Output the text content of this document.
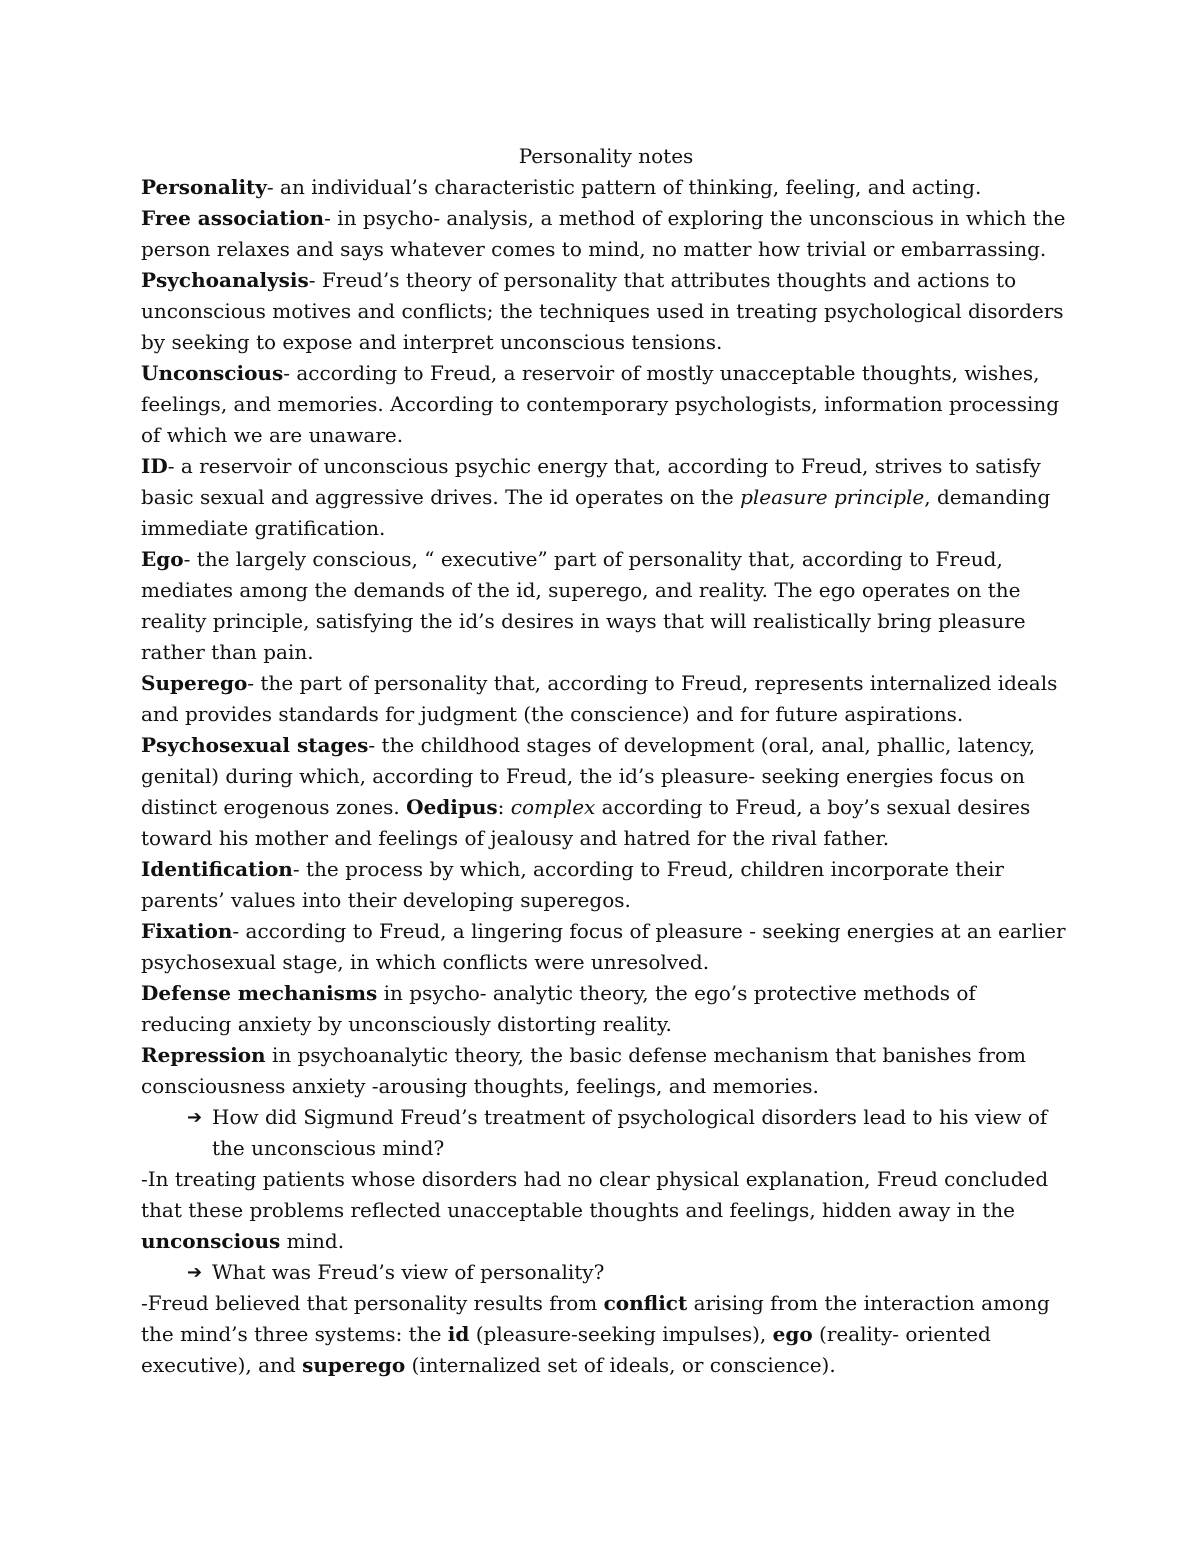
Personality notes

Personality- an individual’s characteristic pattern of thinking, feeling, and acting.

Free association- in psycho- analysis, a method of exploring the unconscious in which the person relaxes and says whatever comes to mind, no matter how trivial or embarrassing.

Psychoanalysis- Freud’s theory of personality that attributes thoughts and actions to unconscious motives and conflicts; the techniques used in treating psychological disorders by seeking to expose and interpret unconscious tensions.

Unconscious- according to Freud, a reservoir of mostly unacceptable thoughts, wishes, feelings, and memories. According to contemporary psychologists, information processing of which we are unaware.

ID- a reservoir of unconscious psychic energy that, according to Freud, strives to satisfy basic sexual and aggressive drives. The id operates on the pleasure principle, demanding immediate gratification.

Ego- the largely conscious, “ executive” part of personality that, according to Freud, mediates among the demands of the id, superego, and reality. The ego operates on the reality principle, satisfying the id’s desires in ways that will realistically bring pleasure rather than pain.

Superego- the part of personality that, according to Freud, represents internalized ideals and provides standards for judgment (the conscience) and for future aspirations.

Psychosexual stages- the childhood stages of development (oral, anal, phallic, latency, genital) during which, according to Freud, the id’s pleasure- seeking energies focus on distinct erogenous zones. Oedipus: complex according to Freud, a boy’s sexual desires toward his mother and feelings of jealousy and hatred for the rival father.

Identification- the process by which, according to Freud, children incorporate their parents’ values into their developing superegos.

Fixation- according to Freud, a lingering focus of pleasure - seeking energies at an earlier psychosexual stage, in which conflicts were unresolved.

Defense mechanisms in psycho- analytic theory, the ego’s protective methods of reducing anxiety by unconsciously distorting reality.

Repression in psychoanalytic theory, the basic defense mechanism that banishes from consciousness anxiety -arousing thoughts, feelings, and memories.

➔ How did Sigmund Freud’s treatment of psychological disorders lead to his view of the unconscious mind?

-In treating patients whose disorders had no clear physical explanation, Freud concluded that these problems reflected unacceptable thoughts and feelings, hidden away in the unconscious mind.

➔ What was Freud’s view of personality?

-Freud believed that personality results from conflict arising from the interaction among the mind’s three systems: the id (pleasure-seeking impulses), ego (reality- oriented executive), and superego (internalized set of ideals, or conscience).
